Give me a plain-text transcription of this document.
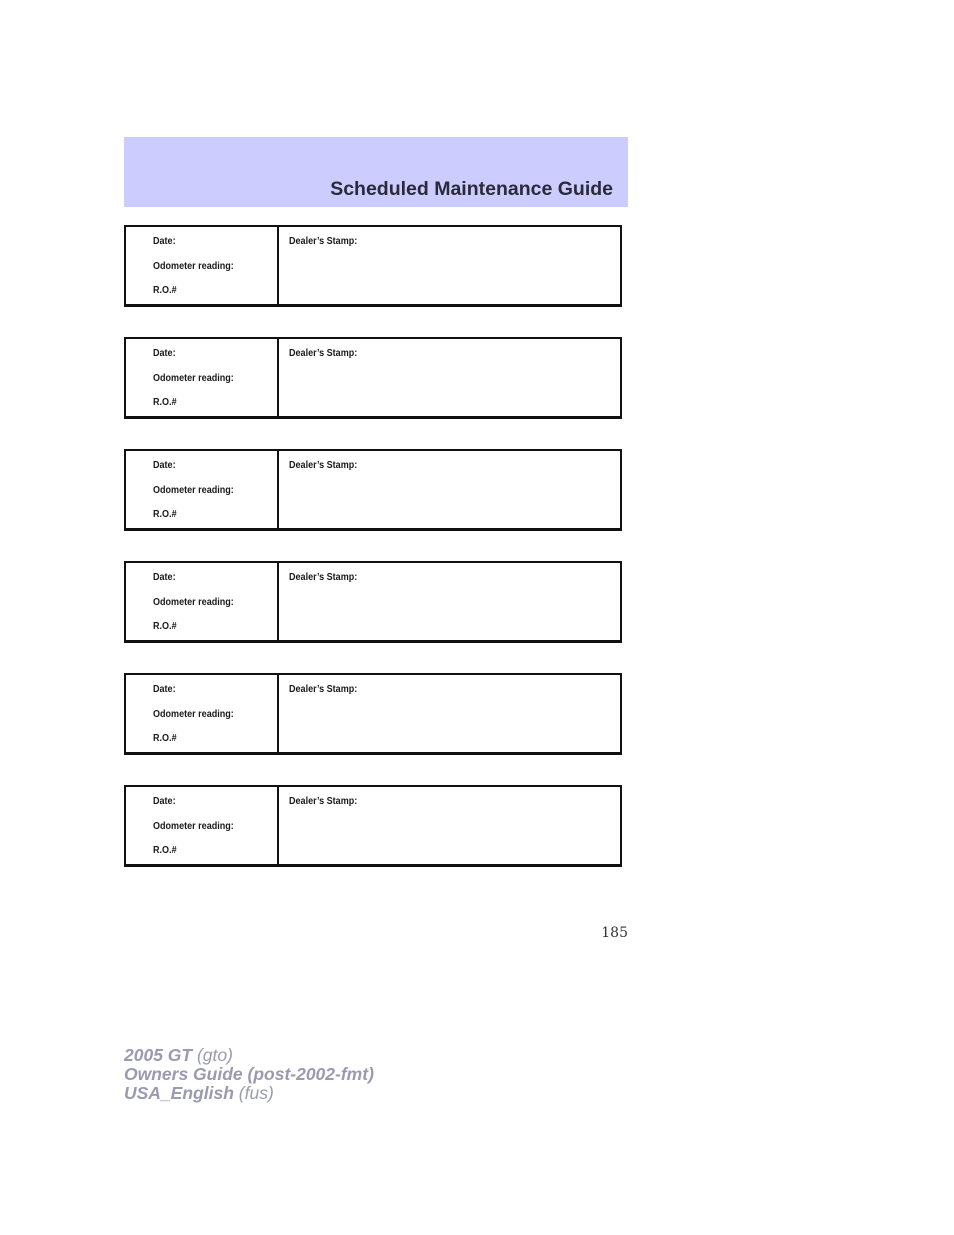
Scheduled Maintenance Guide
Date:
Odometer reading:
R.O.#
Dealer’s Stamp:
Date:
Odometer reading:
R.O.#
Dealer’s Stamp:
Date:
Odometer reading:
R.O.#
Dealer’s Stamp:
Date:
Odometer reading:
R.O.#
Dealer’s Stamp:
Date:
Odometer reading:
R.O.#
Dealer’s Stamp:
Date:
Odometer reading:
R.O.#
Dealer’s Stamp:
185
2005 GT (gto)
Owners Guide (post-2002-fmt)
USA_English (fus)
